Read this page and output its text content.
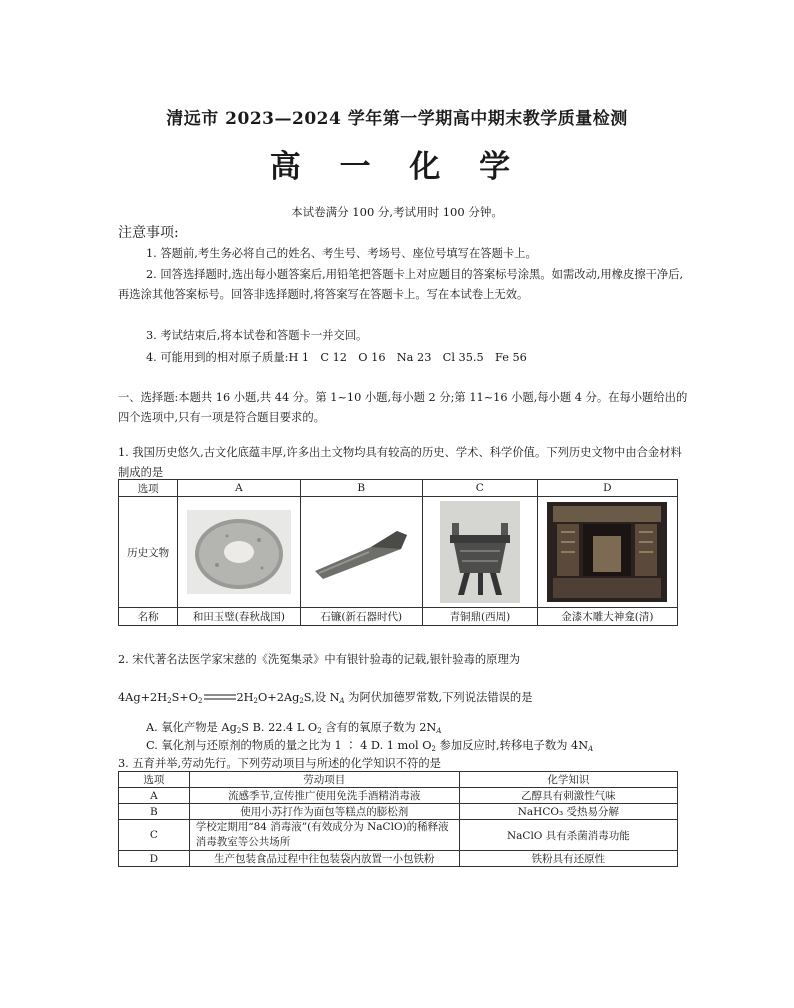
清远市 2023—2024 学年第一学期高中期末教学质量检测
高 一 化 学
本试卷满分 100 分,考试用时 100 分钟。
注意事项:
1. 答题前,考生务必将自己的姓名、考生号、考场号、座位号填写在答题卡上。
2. 回答选择题时,选出每小题答案后,用铅笔把答题卡上对应题目的答案标号涂黑。如需改动,用橡皮擦干净后,再选涂其他答案标号。回答非选择题时,将答案写在答题卡上。写在本试卷上无效。
3. 考试结束后,将本试卷和答题卡一并交回。
4. 可能用到的相对原子质量:H 1　C 12　O 16　Na 23　Cl 35.5　Fe 56
一、选择题:本题共 16 小题,共 44 分。第 1~10 小题,每小题 2 分;第 11~16 小题,每小题 4 分。在每小题给出的四个选项中,只有一项是符合题目要求的。
1. 我国历史悠久,古文化底蕴丰厚,许多出土文物均具有较高的历史、学术、科学价值。下列历史文物中由合金材料制成的是
选项	A	B	C	D
历史文物	

名称	和田玉璧(春秋战国)	石镰(新石器时代)	青铜鼎(西周)	金漆木雕大神龛(清)
2. 宋代著名法医学家宋慈的《洗冤集录》中有银针验毒的记载,银针验毒的原理为
$4Ag+2H_2S+O_2$	$2H_2O+2Ag_2S$,设 $N_A$ 为阿伏加德罗常数,下列说法错误的是
A. 氧化产物是 $Ag_2S$ B. 22.4 L $O_2$ 含有的氧原子数为 $2N_A$
C. 氧化剂与还原剂的物质的量之比为 1 ∶ 4 D. 1 mol $O_2$ 参加反应时,转移电子数为 $4N_A$
3. 五育并举,劳动先行。下列劳动项目与所述的化学知识不符的是
选项	劳动项目	化学知识
A	流感季节,宣传推广使用免洗手酒精消毒液	乙醇具有刺激性气味
B	使用小苏打作为面包等糕点的膨松剂	NaHCO₃ 受热易分解
C	学校定期用“84 消毒液”(有效成分为 NaClO)的稀释液消毒教室等公共场所	NaClO 具有杀菌消毒功能
D	生产包装食品过程中往包装袋内放置一小包铁粉	铁粉具有还原性
